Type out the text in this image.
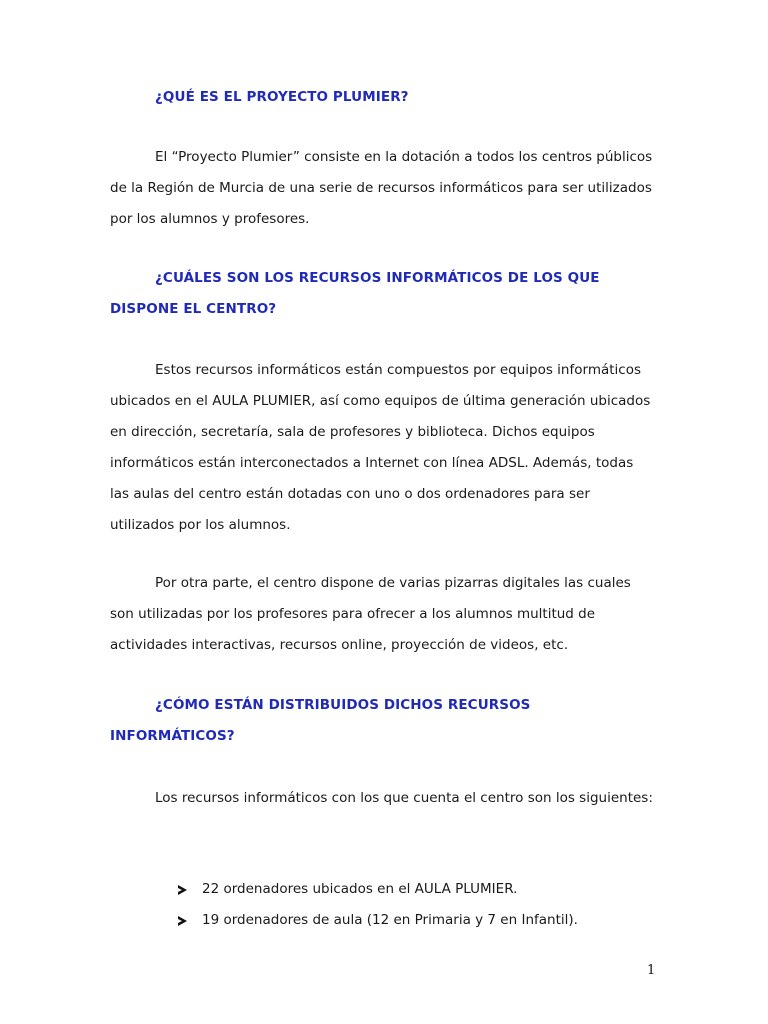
¿QUÉ ES EL PROYECTO PLUMIER?
El “Proyecto Plumier” consiste en la dotación a todos los centros públicos de la Región de Murcia de una serie de recursos informáticos para ser utilizados por los alumnos y profesores.
¿CUÁLES SON LOS RECURSOS INFORMÁTICOS DE LOS QUE DISPONE EL CENTRO?
Estos recursos informáticos están compuestos por equipos informáticos ubicados en el AULA PLUMIER, así como equipos de última generación ubicados en dirección, secretaría, sala de profesores y biblioteca. Dichos equipos informáticos están interconectados a Internet con línea ADSL. Además, todas las aulas del centro están dotadas con uno o dos ordenadores para ser utilizados por los alumnos.
Por otra parte, el centro dispone de varias pizarras digitales las cuales son utilizadas por los profesores para ofrecer a los alumnos multitud de actividades interactivas, recursos online, proyección de videos, etc.
¿CÓMO ESTÁN DISTRIBUIDOS DICHOS RECURSOS INFORMÁTICOS?
Los recursos informáticos con los que cuenta el centro son los siguientes:
22 ordenadores ubicados en el AULA PLUMIER.
19 ordenadores de aula (12 en Primaria y 7 en Infantil).
1
